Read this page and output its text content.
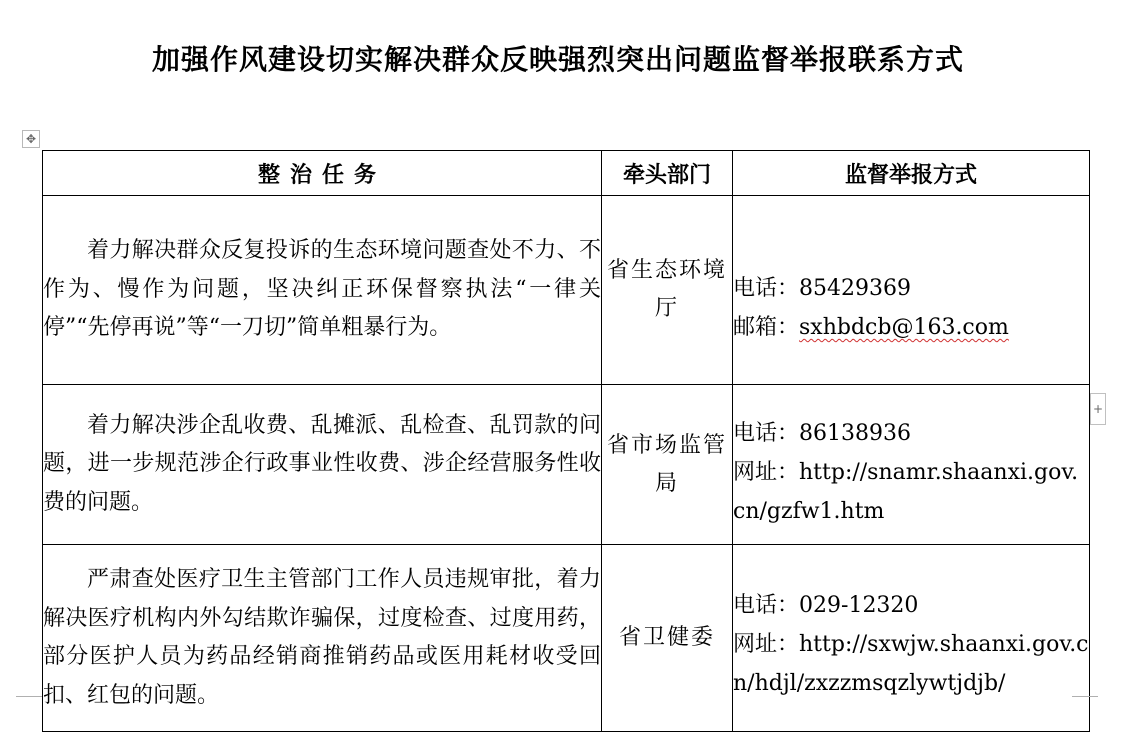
加强作风建设切实解决群众反映强烈突出问题监督举报联系方式
✥
整治任务	牵头部门	监督举报方式
着力解决群众反复投诉的生态环境问题查处不力、不作为、慢作为问题，坚决纠正环保督察执法“一律关停”“先停再说”等“一刀切”简单粗暴行为。	省生态环境厅	电话：85429369
邮箱：sxhbdcb@163.com

着力解决涉企乱收费、乱摊派、乱检查、乱罚款的问题，进一步规范涉企行政事业性收费、涉企经营服务性收费的问题。	省市场监管局	电话：86138936
网址：http://snamr.shaanxi.gov.cn/gzfw1.htm

严肃查处医疗卫生主管部门工作人员违规审批，着力解决医疗机构内外勾结欺诈骗保，过度检查、过度用药，部分医护人员为药品经销商推销药品或医用耗材收受回扣、红包的问题。	省卫健委	电话：029-12320
网址：http://sxwjw.shaanxi.gov.cn/hdjl/zxzzmsqzlywtjdjb/
+
